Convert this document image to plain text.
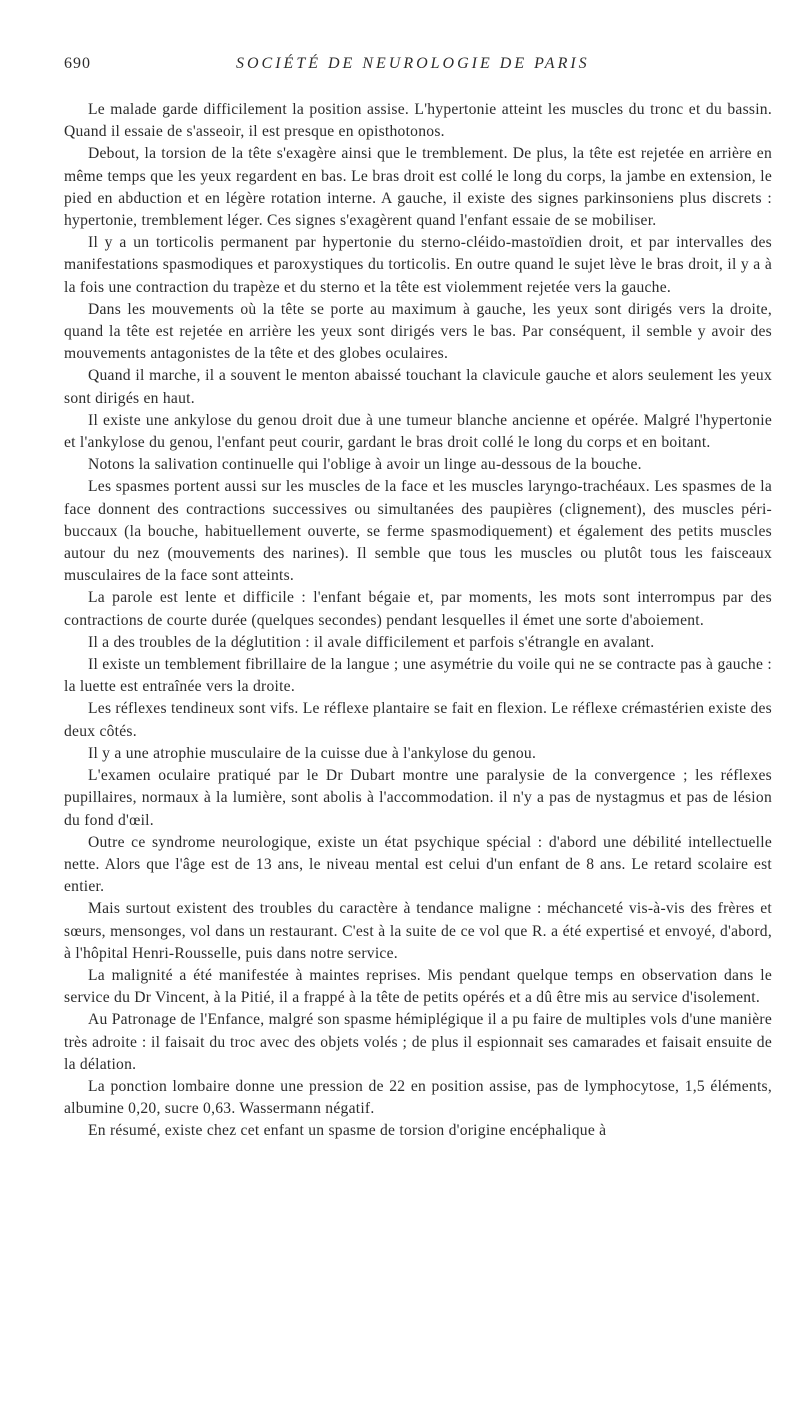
690	SOCIÉTÉ DE NEUROLOGIE DE PARIS

Le malade garde difficilement la position assise. L'hypertonie atteint les muscles du tronc et du bassin. Quand il essaie de s'asseoir, il est presque en opisthotonos.

Debout, la torsion de la tête s'exagère ainsi que le tremblement. De plus, la tête est rejetée en arrière en même temps que les yeux regardent en bas. Le bras droit est collé le long du corps, la jambe en extension, le pied en abduction et en légère rotation interne. A gauche, il existe des signes parkinsoniens plus discrets : hypertonie, tremblement léger. Ces signes s'exagèrent quand l'enfant essaie de se mobiliser.

Il y a un torticolis permanent par hypertonie du sterno-cléido-mastoïdien droit, et par intervalles des manifestations spasmodiques et paroxystiques du torticolis. En outre quand le sujet lève le bras droit, il y a à la fois une contraction du trapèze et du sterno et la tête est violemment rejetée vers la gauche.

Dans les mouvements où la tête se porte au maximum à gauche, les yeux sont dirigés vers la droite, quand la tête est rejetée en arrière les yeux sont dirigés vers le bas. Par conséquent, il semble y avoir des mouvements antagonistes de la tête et des globes oculaires.

Quand il marche, il a souvent le menton abaissé touchant la clavicule gauche et alors seulement les yeux sont dirigés en haut.

Il existe une ankylose du genou droit due à une tumeur blanche ancienne et opérée. Malgré l'hypertonie et l'ankylose du genou, l'enfant peut courir, gardant le bras droit collé le long du corps et en boitant.

Notons la salivation continuelle qui l'oblige à avoir un linge au-dessous de la bouche.

Les spasmes portent aussi sur les muscles de la face et les muscles laryngo-trachéaux. Les spasmes de la face donnent des contractions successives ou simultanées des paupières (clignement), des muscles péri-buccaux (la bouche, habituellement ouverte, se ferme spasmodiquement) et également des petits muscles autour du nez (mouvements des narines). Il semble que tous les muscles ou plutôt tous les faisceaux musculaires de la face sont atteints.

La parole est lente et difficile : l'enfant bégaie et, par moments, les mots sont interrompus par des contractions de courte durée (quelques secondes) pendant lesquelles il émet une sorte d'aboiement.

Il a des troubles de la déglutition : il avale difficilement et parfois s'étrangle en avalant.

Il existe un temblement fibrillaire de la langue ; une asymétrie du voile qui ne se contracte pas à gauche : la luette est entraînée vers la droite.

Les réflexes tendineux sont vifs. Le réflexe plantaire se fait en flexion. Le réflexe crémastérien existe des deux côtés.

Il y a une atrophie musculaire de la cuisse due à l'ankylose du genou.

L'examen oculaire pratiqué par le Dr Dubart montre une paralysie de la convergence ; les réflexes pupillaires, normaux à la lumière, sont abolis à l'accommodation. il n'y a pas de nystagmus et pas de lésion du fond d'œil.

Outre ce syndrome neurologique, existe un état psychique spécial : d'abord une débilité intellectuelle nette. Alors que l'âge est de 13 ans, le niveau mental est celui d'un enfant de 8 ans. Le retard scolaire est entier.

Mais surtout existent des troubles du caractère à tendance maligne : méchanceté vis-à-vis des frères et sœurs, mensonges, vol dans un restaurant. C'est à la suite de ce vol que R. a été expertisé et envoyé, d'abord, à l'hôpital Henri-Rousselle, puis dans notre service.

La malignité a été manifestée à maintes reprises. Mis pendant quelque temps en observation dans le service du Dr Vincent, à la Pitié, il a frappé à la tête de petits opérés et a dû être mis au service d'isolement.

Au Patronage de l'Enfance, malgré son spasme hémiplégique il a pu faire de multiples vols d'une manière très adroite : il faisait du troc avec des objets volés ; de plus il espionnait ses camarades et faisait ensuite de la délation.

La ponction lombaire donne une pression de 22 en position assise, pas de lymphocytose, 1,5 éléments, albumine 0,20, sucre 0,63. Wassermann négatif.

En résumé, existe chez cet enfant un spasme de torsion d'origine encéphalique à
